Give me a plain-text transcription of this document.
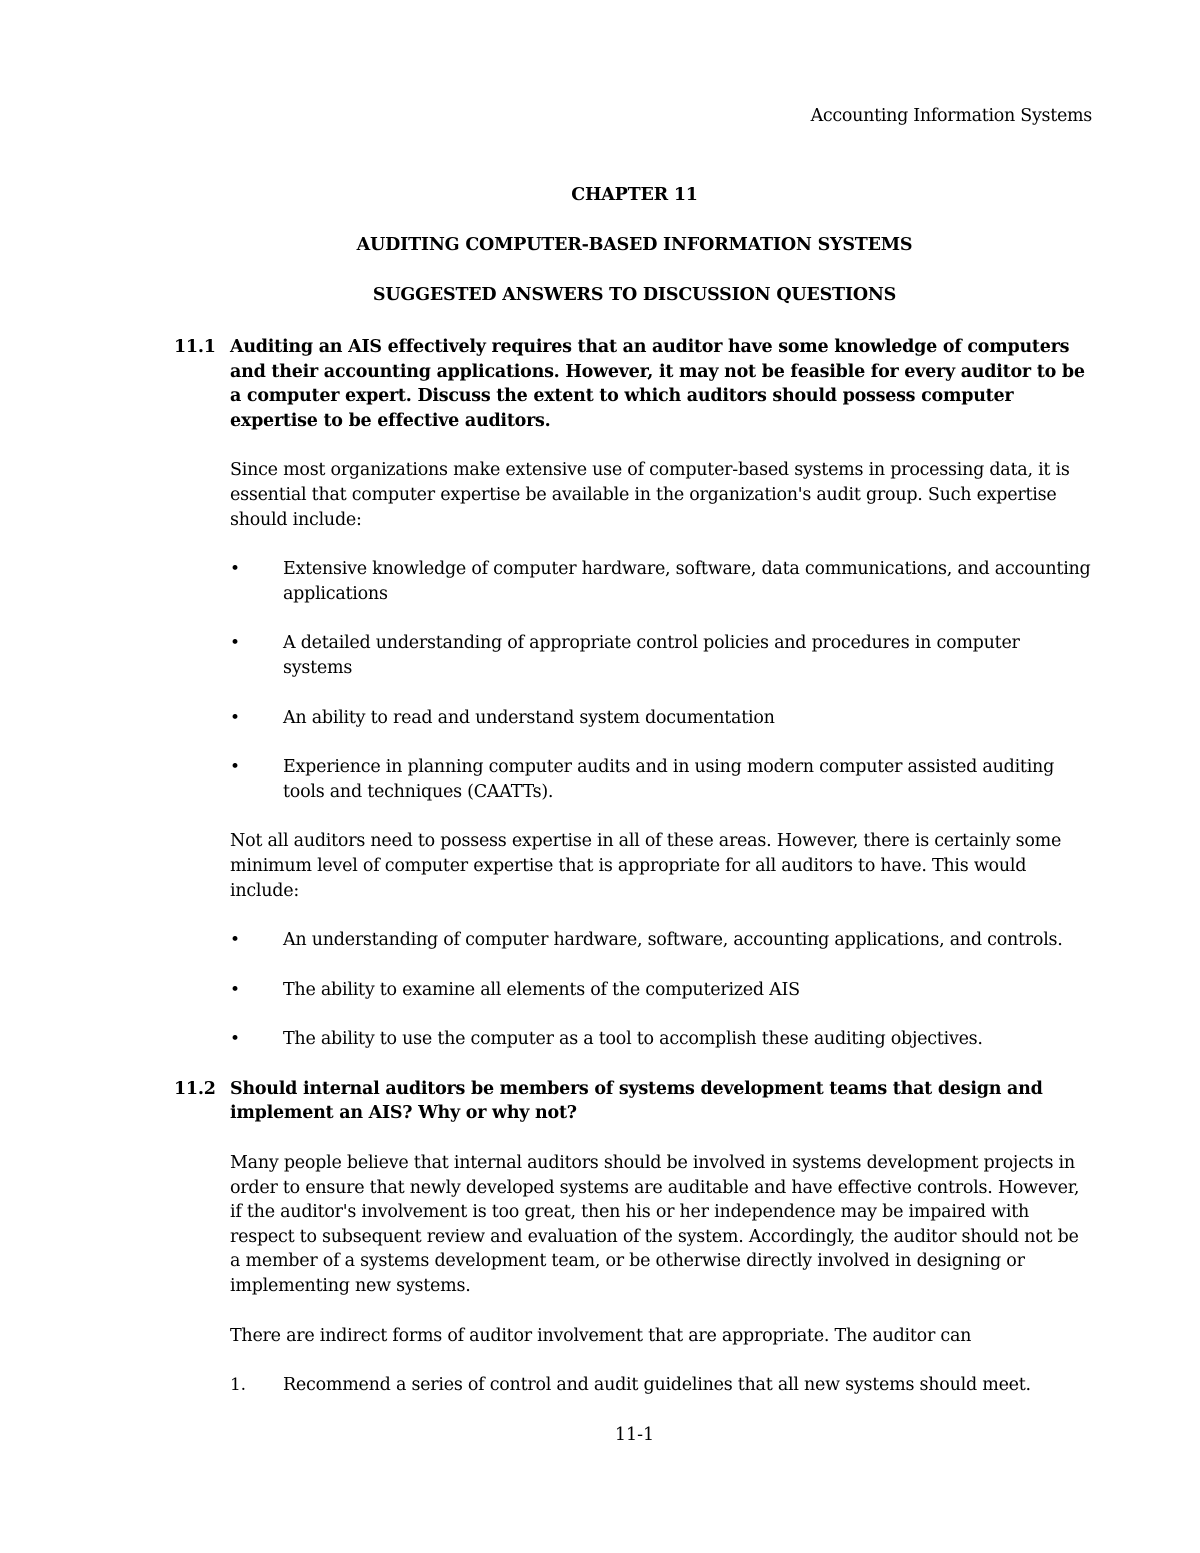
Accounting Information Systems
CHAPTER 11
AUDITING COMPUTER-BASED INFORMATION SYSTEMS
SUGGESTED ANSWERS TO DISCUSSION QUESTIONS
11.1 Auditing an AIS effectively requires that an auditor have some knowledge of computers and their accounting applications. However, it may not be feasible for every auditor to be a computer expert. Discuss the extent to which auditors should possess computer expertise to be effective auditors.
Since most organizations make extensive use of computer-based systems in processing data, it is essential that computer expertise be available in the organization's audit group. Such expertise should include:
•	Extensive knowledge of computer hardware, software, data communications, and accounting applications
•	A detailed understanding of appropriate control policies and procedures in computer systems
•	An ability to read and understand system documentation
•	Experience in planning computer audits and in using modern computer assisted auditing tools and techniques (CAATTs).
Not all auditors need to possess expertise in all of these areas. However, there is certainly some minimum level of computer expertise that is appropriate for all auditors to have. This would include:
•	An understanding of computer hardware, software, accounting applications, and controls.
•	The ability to examine all elements of the computerized AIS
•	The ability to use the computer as a tool to accomplish these auditing objectives.
11.2 Should internal auditors be members of systems development teams that design and implement an AIS? Why or why not?
Many people believe that internal auditors should be involved in systems development projects in order to ensure that newly developed systems are auditable and have effective controls. However, if the auditor's involvement is too great, then his or her independence may be impaired with respect to subsequent review and evaluation of the system. Accordingly, the auditor should not be a member of a systems development team, or be otherwise directly involved in designing or implementing new systems.
There are indirect forms of auditor involvement that are appropriate. The auditor can
1.	Recommend a series of control and audit guidelines that all new systems should meet.
11-1
